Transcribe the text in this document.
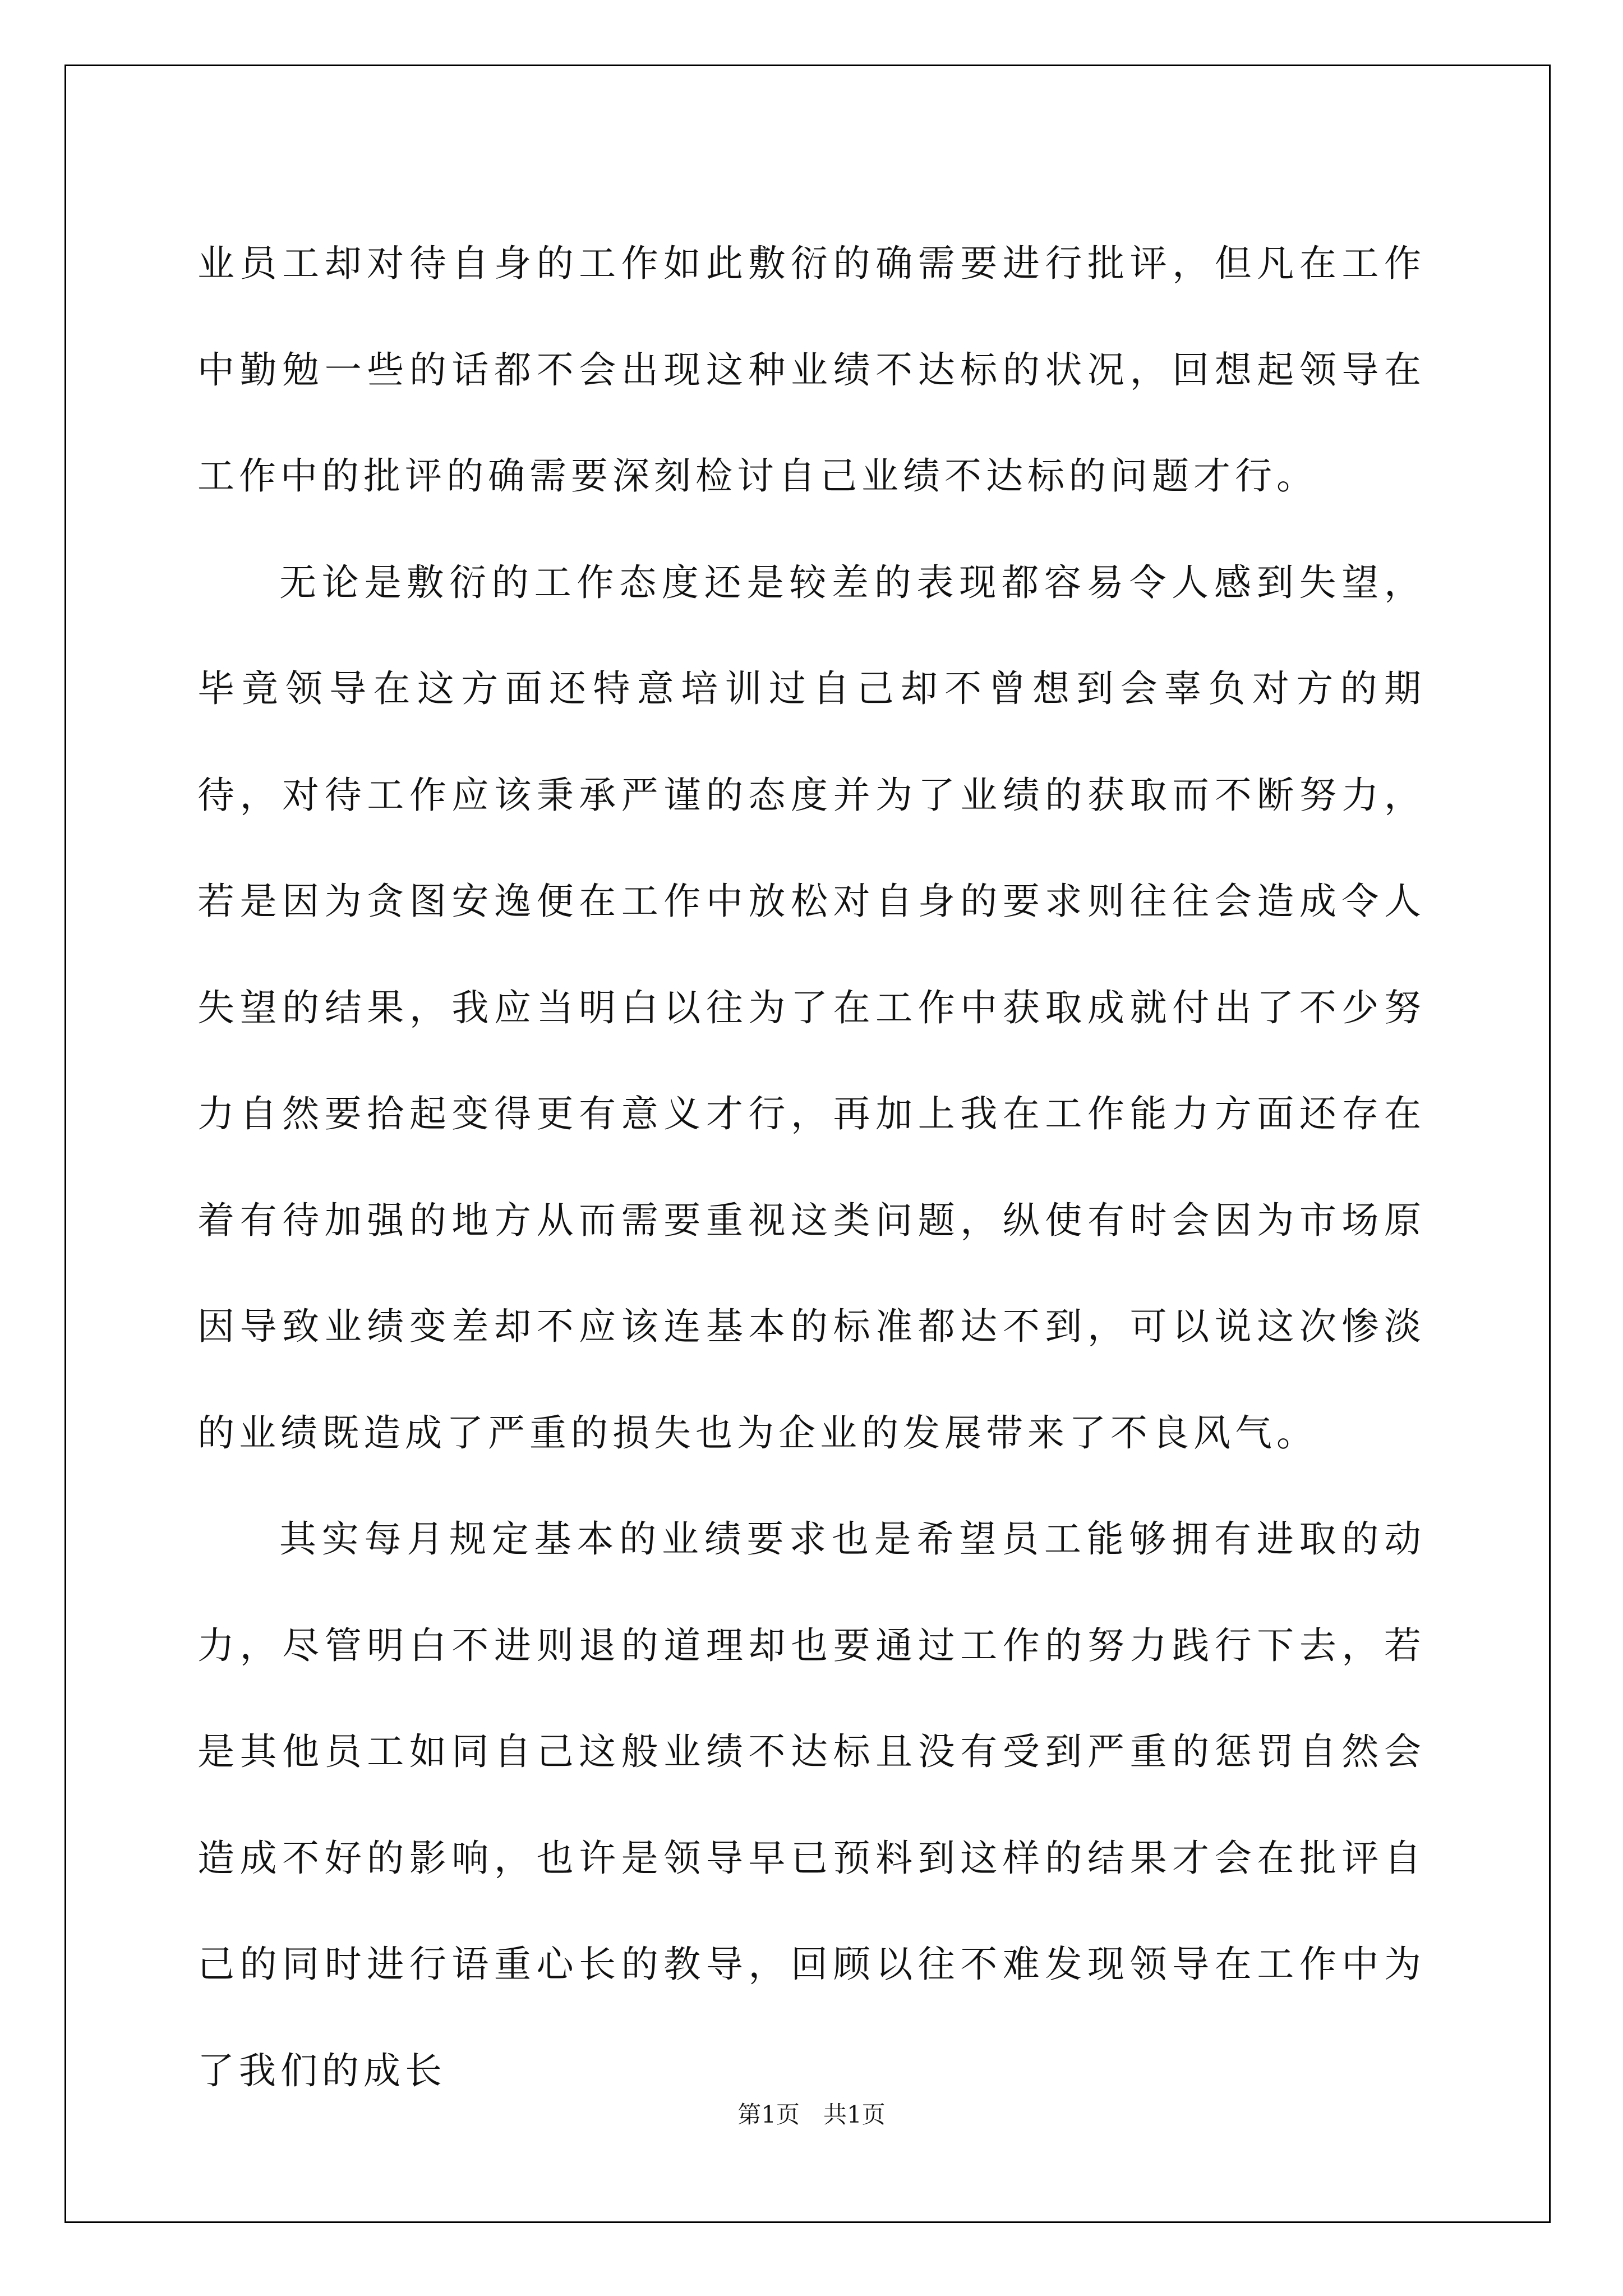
业员工却对待自身的工作如此敷衍的确需要进行批评，但凡在工作中勤勉一些的话都不会出现这种业绩不达标的状况，回想起领导在工作中的批评的确需要深刻检讨自己业绩不达标的问题才行。

无论是敷衍的工作态度还是较差的表现都容易令人感到失望，毕竟领导在这方面还特意培训过自己却不曾想到会辜负对方的期待，对待工作应该秉承严谨的态度并为了业绩的获取而不断努力，若是因为贪图安逸便在工作中放松对自身的要求则往往会造成令人失望的结果，我应当明白以往为了在工作中获取成就付出了不少努力自然要拾起变得更有意义才行，再加上我在工作能力方面还存在着有待加强的地方从而需要重视这类问题，纵使有时会因为市场原因导致业绩变差却不应该连基本的标准都达不到，可以说这次惨淡的业绩既造成了严重的损失也为企业的发展带来了不良风气。

其实每月规定基本的业绩要求也是希望员工能够拥有进取的动力，尽管明白不进则退的道理却也要通过工作的努力践行下去，若是其他员工如同自己这般业绩不达标且没有受到严重的惩罚自然会造成不好的影响，也许是领导早已预料到这样的结果才会在批评自己的同时进行语重心长的教导，回顾以往不难发现领导在工作中为了我们的成长

第1页　共1页
